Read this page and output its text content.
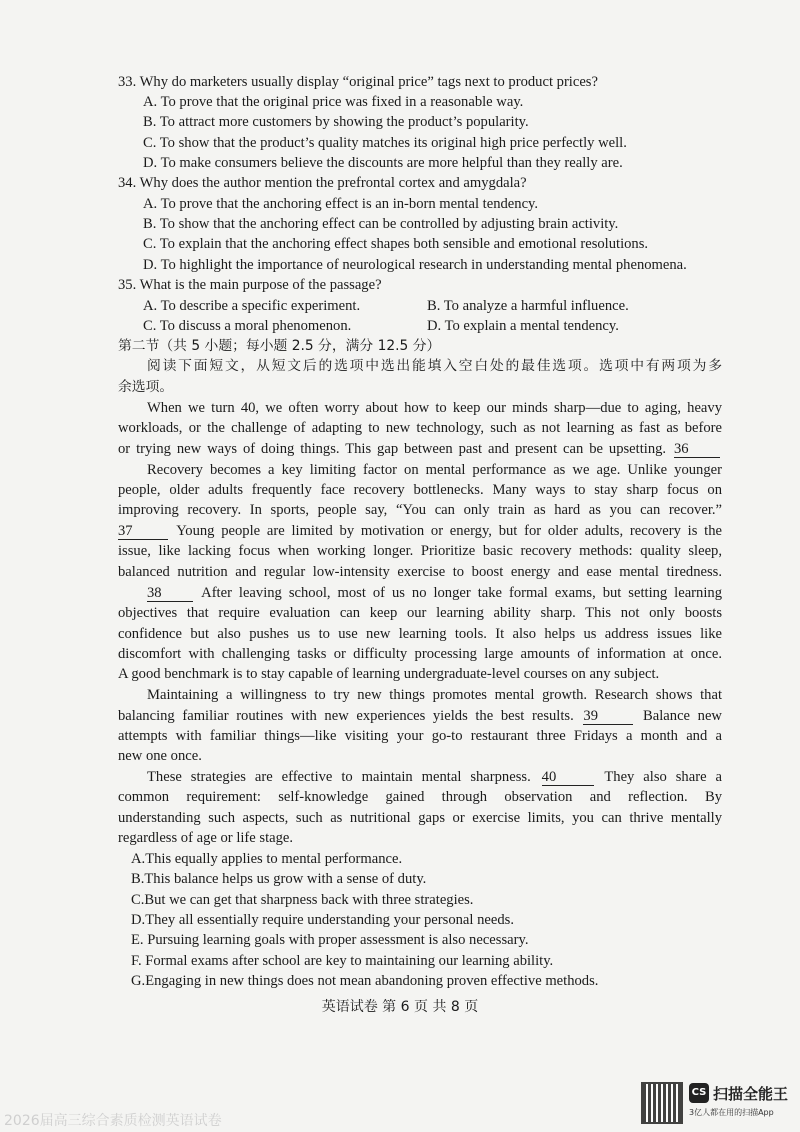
33. Why do marketers usually display “original price” tags next to product prices?
A. To prove that the original price was fixed in a reasonable way.
B. To attract more customers by showing the product’s popularity.
C. To show that the product’s quality matches its original high price perfectly well.
D. To make consumers believe the discounts are more helpful than they really are.
34. Why does the author mention the prefrontal cortex and amygdala?
A. To prove that the anchoring effect is an in-born mental tendency.
B. To show that the anchoring effect can be controlled by adjusting brain activity.
C. To explain that the anchoring effect shapes both sensible and emotional resolutions.
D. To highlight the importance of neurological research in understanding mental phenomena.
35. What is the main purpose of the passage?
A. To describe a specific experiment.	B. To analyze a harmful influence.
C. To discuss a moral phenomenon.	D. To explain a mental tendency.
第二节（共 5 小题；每小题 2.5 分，满分 12.5 分）
阅读下面短文，从短文后的选项中选出能填入空白处的最佳选项。选项中有两项为多
余选项。
When we turn 40, we often worry about how to keep our minds sharp—due to aging, heavy
workloads, or the challenge of adapting to new technology, such as not learning as fast as before
or trying new ways of doing things. This gap between past and present can be upsetting. 36
Recovery becomes a key limiting factor on mental performance as we age. Unlike younger
people, older adults frequently face recovery bottlenecks. Many ways to stay sharp focus on
improving recovery. In sports, people say, “You can only train as hard as you can recover.”
37	Young people are limited by motivation or energy, but for older adults, recovery is the
issue, like lacking focus when working longer. Prioritize basic recovery methods: quality sleep,
balanced nutrition and regular low-intensity exercise to boost energy and ease mental tiredness.
38	After leaving school, most of us no longer take formal exams, but setting learning
objectives that require evaluation can keep our learning ability sharp. This not only boosts
confidence but also pushes us to use new learning tools. It also helps us address issues like
discomfort with challenging tasks or difficulty processing large amounts of information at once.
A good benchmark is to stay capable of learning undergraduate-level courses on any subject.
Maintaining a willingness to try new things promotes mental growth. Research shows that
balancing familiar routines with new experiences yields the best results. 39	Balance new
attempts with familiar things—like visiting your go-to restaurant three Fridays a month and a
new one once.
These strategies are effective to maintain mental sharpness. 40	They also share a
common requirement: self-knowledge gained through observation and reflection. By
understanding such aspects, such as nutritional gaps or exercise limits, you can thrive mentally
regardless of age or life stage.
A.This equally applies to mental performance.
B.This balance helps us grow with a sense of duty.
C.But we can get that sharpness back with three strategies.
D.They all essentially require understanding your personal needs.
E. Pursuing learning goals with proper assessment is also necessary.
F. Formal exams after school are key to maintaining our learning ability.
G.Engaging in new things does not mean abandoning proven effective methods.
英语试卷 第 6 页 共 8 页
2026届高三综合素质检测英语试卷
CS 扫描全能王
3亿人都在用的扫描App
